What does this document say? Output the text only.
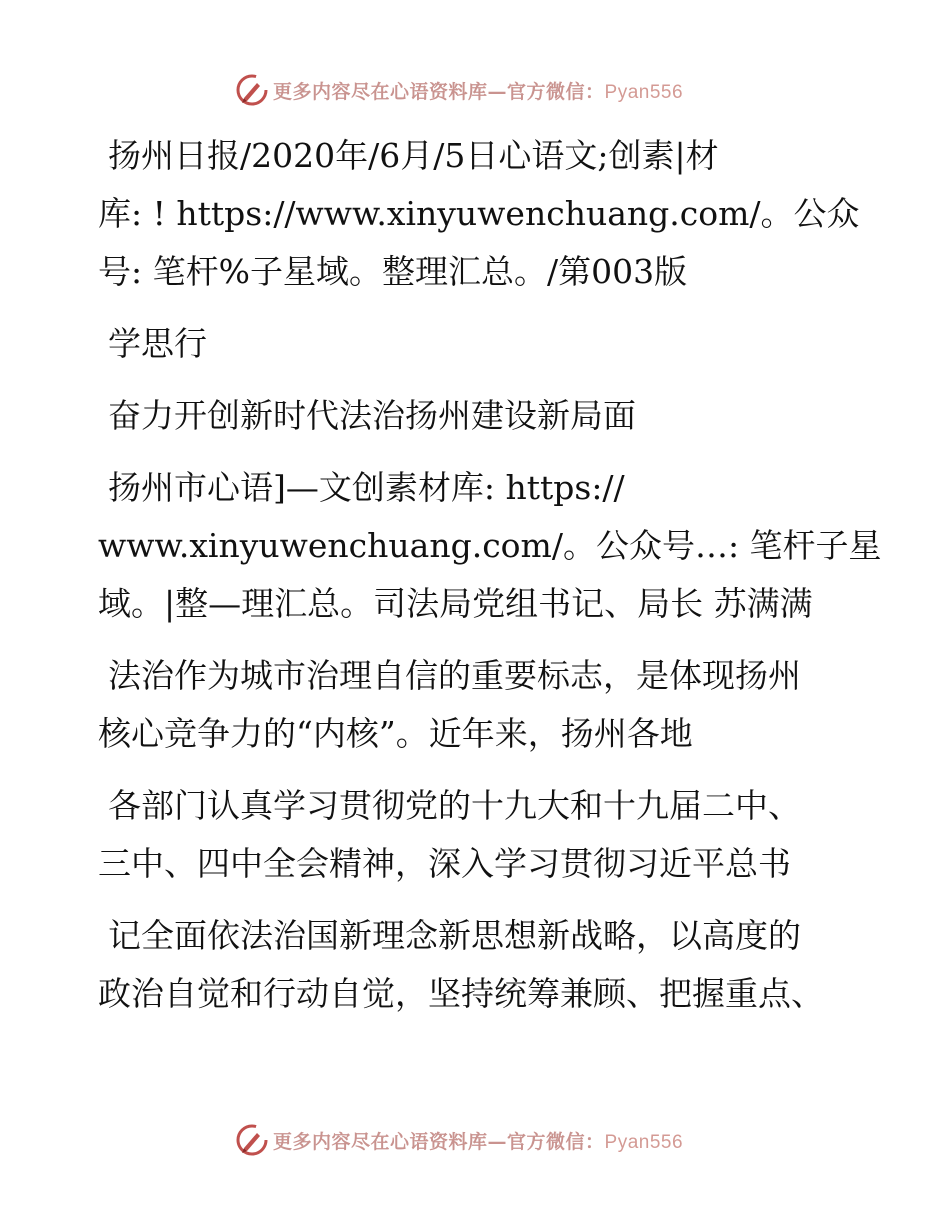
更多内容尽在心语资料库—官方微信：Pyan556
扬州日报/2020年/6月/5日心语文;创素|材
库: ! https://www.xinyuwenchuang.com/。公众
号: 笔杆%子星域。整理汇总。/第003版
学思行
奋力开创新时代法治扬州建设新局面
扬州市心语]—文创素材库: https://
www.xinyuwenchuang.com/。公众号…: 笔杆子星
域。|整—理汇总。司法局党组书记、局长 苏满满
法治作为城市治理自信的重要标志，是体现扬州
核心竞争力的“内核”。近年来，扬州各地
各部门认真学习贯彻党的十九大和十九届二中、
三中、四中全会精神，深入学习贯彻习近平总书
记全面依法治国新理念新思想新战略，以高度的
政治自觉和行动自觉，坚持统筹兼顾、把握重点、
更多内容尽在心语资料库—官方微信：Pyan556
